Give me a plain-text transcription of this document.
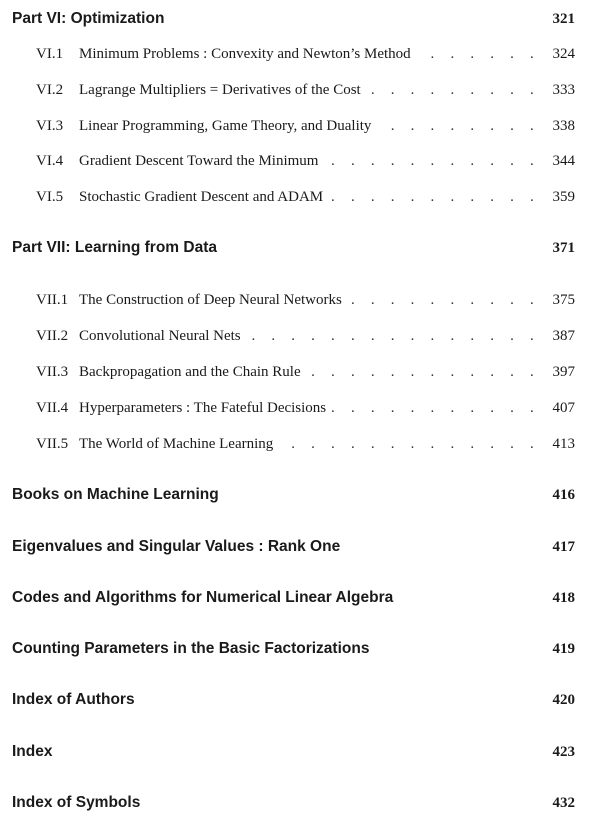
Part VI: Optimization	321
VI.1 Minimum Problems : Convexity and Newton’s Method . . .	324
VI.2 Lagrange Multipliers = Derivatives of the Cost . . .	333
VI.3 Linear Programming, Game Theory, and Duality . . .	338
VI.4 Gradient Descent Toward the Minimum . . .	344
VI.5 Stochastic Gradient Descent and ADAM . . .	359
Part VII: Learning from Data	371
VII.1 The Construction of Deep Neural Networks . . .	375
VII.2 Convolutional Neural Nets . . .	387
VII.3 Backpropagation and the Chain Rule . . .	397
VII.4 Hyperparameters : The Fateful Decisions . . .	407
VII.5 The World of Machine Learning . . .	413
Books on Machine Learning	416
Eigenvalues and Singular Values : Rank One	417
Codes and Algorithms for Numerical Linear Algebra	418
Counting Parameters in the Basic Factorizations	419
Index of Authors	420
Index	423
Index of Symbols	432
